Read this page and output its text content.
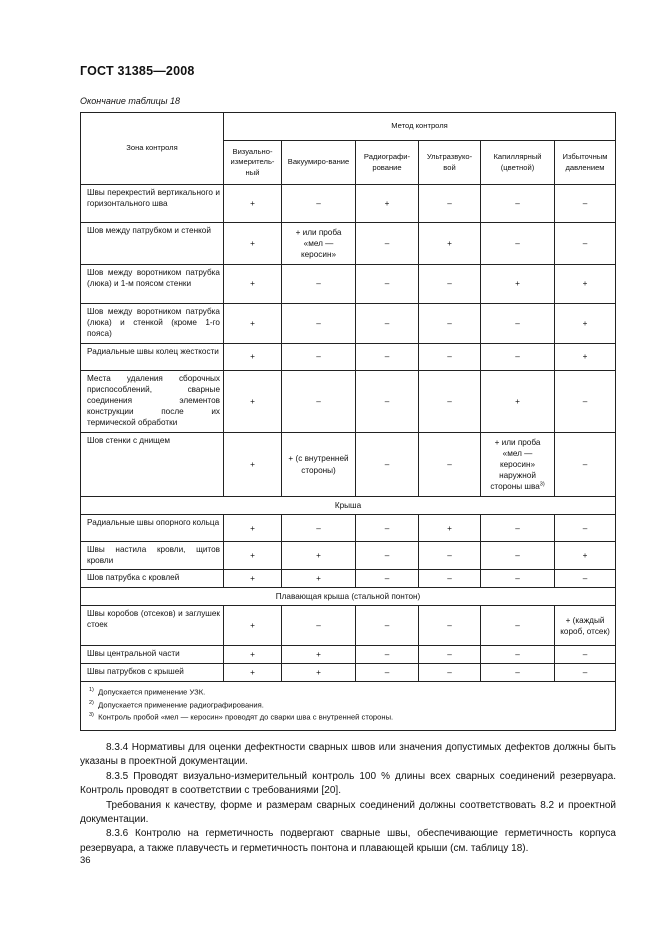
ГОСТ 31385—2008
Окончание таблицы 18
Зона контроля	Метод контроля					
	Визуально-измеритель-ный	Вакуумиро-вание	Радиографи-рование	Ультразвуко-вой	Капиллярный (цветной)	Избыточным давлением
Швы перекрестий вертикального и горизонтального шва	+	–	+	–	–	–
Шов между патрубком и стенкой	+	+ или проба «мел — керосин»	–	+	–	–
Шов между воротником патрубка (люка) и 1-м поясом стенки	+	–	–	–	+	+
Шов между воротником патрубка (люка) и стенкой (кроме 1-го пояса)	+	–	–	–	–	+
Радиальные швы колец жесткости	+	–	–	–	–	+
Места удаления сборочных приспособлений, сварные соединения элементов конструкции после их термической обработки	+	–	–	–	+	–
Шов стенки с днищем	+	+ (с внутренней стороны)	–	–	+ или проба «мел — керосин» наружной стороны шва$^{3)}$	–
Крыша						
Радиальные швы опорного кольца	+	–	–	+	–	–
Швы настила кровли, щитов кровли	+	+	–	–	–	+
Шов патрубка с кровлей	+	+	–	–	–	–
Плавающая крыша (стальной понтон)						
Швы коробов (отсеков) и заглушек стоек	+	–	–	–	–	+ (каждый короб, отсек)
Швы центральной части	+	+	–	–	–	–
Швы патрубков с крышей	+	+	–	–	–	–

$^{1)}$ Допускается применение УЗК.
$^{2)}$ Допускается применение радиографирования.
$^{3)}$ Контроль пробой «мел — керосин» проводят до сварки шва с внутренней стороны.						

8.3.4 Нормативы для оценки дефектности сварных швов или значения допустимых дефектов должны быть указаны в проектной документации.

8.3.5 Проводят визуально-измерительный контроль 100 % длины всех сварных соединений резервуара. Контроль проводят в соответствии с требованиями [20].

Требования к качеству, форме и размерам сварных соединений должны соответствовать 8.2 и проектной документации.

8.3.6 Контролю на герметичность подвергают сварные швы, обеспечивающие герметичность корпуса резервуара, а также плавучесть и герметичность понтона и плавающей крыши (см. таблицу 18).

36
